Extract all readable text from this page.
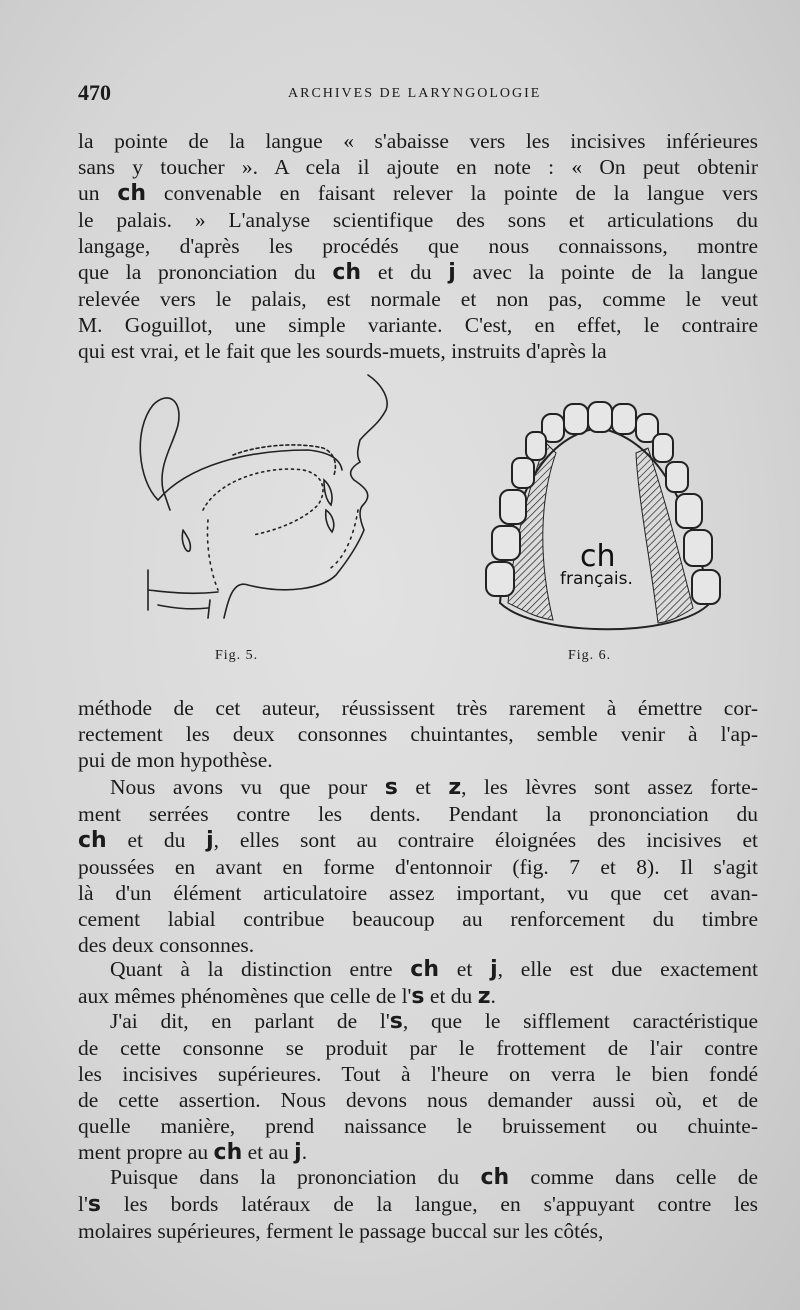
470	ARCHIVES DE LARYNGOLOGIE
la pointe de la langue « s'abaisse vers les incisives inférieures
sans y toucher ». A cela il ajoute en note : « On peut obtenir
un ch convenable en faisant relever la pointe de la langue vers
le palais. » L'analyse scientifique des sons et articulations du
langage, d'après les procédés que nous connaissons, montre
que la prononciation du ch et du j avec la pointe de la langue
relevée vers le palais, est normale et non pas, comme le veut
M. Goguillot, une simple variante. C'est, en effet, le contraire
qui est vrai, et le fait que les sourds-muets, instruits d'après la
Fig. 5.
ch
français.
Fig. 6.
méthode de cet auteur, réussissent très rarement à émettre cor-
rectement les deux consonnes chuintantes, semble venir à l'ap-
pui de mon hypothèse.
Nous avons vu que pour s et z, les lèvres sont assez forte-
ment serrées contre les dents. Pendant la prononciation du
ch et du j, elles sont au contraire éloignées des incisives et
poussées en avant en forme d'entonnoir (fig. 7 et 8). Il s'agit
là d'un élément articulatoire assez important, vu que cet avan-
cement labial contribue beaucoup au renforcement du timbre
des deux consonnes.
Quant à la distinction entre ch et j, elle est due exactement
aux mêmes phénomènes que celle de l's et du z.
J'ai dit, en parlant de l's, que le sifflement caractéristique
de cette consonne se produit par le frottement de l'air contre
les incisives supérieures. Tout à l'heure on verra le bien fondé
de cette assertion. Nous devons nous demander aussi où, et de
quelle manière, prend naissance le bruissement ou chuinte-
ment propre au ch et au j.
Puisque dans la prononciation du ch comme dans celle de
l's les bords latéraux de la langue, en s'appuyant contre les
molaires supérieures, ferment le passage buccal sur les côtés,
